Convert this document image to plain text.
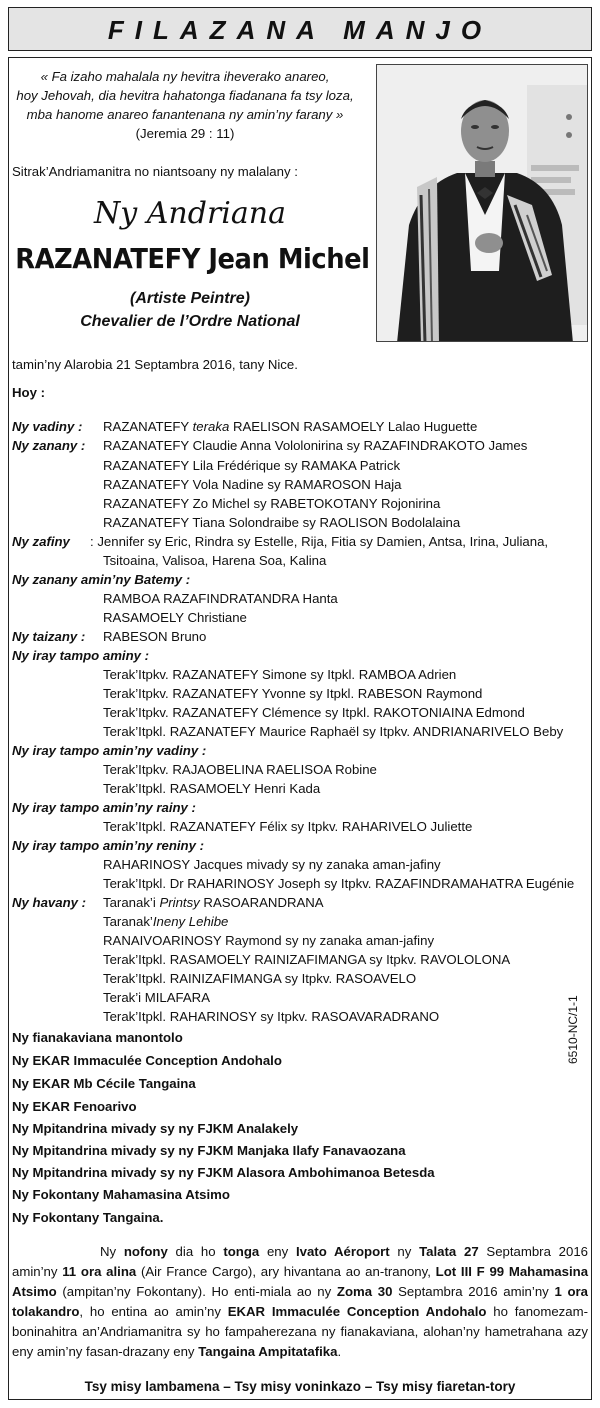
FILAZANA MANJO
« Fa izaho mahalala ny hevitra iheverako anareo,
hoy Jehovah, dia hevitra hahatonga fiadanana fa tsy loza,
mba hanome anareo fanantenana ny amin’ny farany »
(Jeremia 29 : 11)
Sitrak’Andriamanitra no niantsoany ny malalany :
Ny Andriana
RAZANATEFY Jean Michel
(Artiste Peintre)
Chevalier de l’Ordre National
tamin’ny Alarobia 21 Septambra 2016, tany Nice.
Hoy :
Ny vadiny : RAZANATEFY teraka RAELISON RASAMOELY Lalao Huguette
Ny zanany : RAZANATEFY Claudie Anna Vololonirina sy RAZAFINDRAKOTO James
RAZANATEFY Lila Frédérique sy RAMAKA Patrick
RAZANATEFY Vola Nadine sy RAMAROSON Haja
RAZANATEFY Zo Michel sy RABETOKOTANY Rojonirina
RAZANATEFY Tiana Solondraibe sy RAOLISON Bodolalaina
Ny zafiny : Jennifer sy Eric, Rindra sy Estelle, Rija, Fitia sy Damien, Antsa, Irina, Juliana,
Tsitoaina, Valisoa, Harena Soa, Kalina
Ny zanany amin’ny Batemy :
RAMBOA RAZAFINDRATANDRA Hanta
RASAMOELY Christiane
Ny taizany : RABESON Bruno
Ny iray tampo aminy :
Terak’Itpkv. RAZANATEFY Simone sy Itpkl. RAMBOA Adrien
Terak’Itpkv. RAZANATEFY Yvonne sy Itpkl. RABESON Raymond
Terak’Itpkv. RAZANATEFY Clémence sy Itpkl. RAKOTONIAINA Edmond
Terak’Itpkl. RAZANATEFY Maurice Raphaël sy Itpkv. ANDRIANARIVELO Beby
Ny iray tampo amin’ny vadiny :
Terak’Itpkv. RAJAOBELINA RAELISOA Robine
Terak’Itpkl. RASAMOELY Henri Kada
Ny iray tampo amin’ny rainy :
Terak’Itpkl. RAZANATEFY Félix sy Itpkv. RAHARIVELO Juliette
Ny iray tampo amin’ny reniny :
RAHARINOSY Jacques mivady sy ny zanaka aman-jafiny
Terak’Itpkl. Dr RAHARINOSY Joseph sy Itpkv. RAZAFINDRAMAHATRA Eugénie
Ny havany : Taranak’i Printsy RASOARANDRANA
Taranak’Ineny Lehibe
RANAIVOARINOSY Raymond sy ny zanaka aman-jafiny
Terak’Itpkl. RASAMOELY RAINIZAFIMANGA sy Itpkv. RAVOLOLONA
Terak’Itpkl. RAINIZAFIMANGA sy Itpkv. RASOAVELO
Terak’i MILAFARA
Terak’Itpkl. RAHARINOSY sy Itpkv. RASOAVARADRANO
Ny fianakaviana manontolo
Ny EKAR Immaculée Conception Andohalo
Ny EKAR Mb Cécile Tangaina
Ny EKAR Fenoarivo
Ny Mpitandrina mivady sy ny FJKM Analakely
Ny Mpitandrina mivady sy ny FJKM Manjaka Ilafy Fanavaozana
Ny Mpitandrina mivady sy ny FJKM Alasora Ambohimanoa Betesda
Ny Fokontany Mahamasina Atsimo
Ny Fokontany Tangaina.
6510-NC/1-1
Ny nofony dia ho tonga eny Ivato Aéroport ny Talata 27 Septambra 2016 amin’ny 11 ora alina (Air France Cargo), ary hivantana ao an-tranony, Lot III F 99 Mahamasina Atsimo (ampitan’ny Fokontany). Ho enti-miala ao ny Zoma 30 Septambra 2016 amin’ny 1 ora tolakandro, ho entina ao amin’ny EKAR Immaculée Conception Andohalo ho fanomezam-boninahitra an’Andriamanitra sy ho fampaherezana ny fianakaviana, alohan’ny hametrahana azy eny amin’ny fasan-drazany eny Tangaina Ampitatafika.
Tsy misy lambamena – Tsy misy voninkazo – Tsy misy fiaretan-tory
